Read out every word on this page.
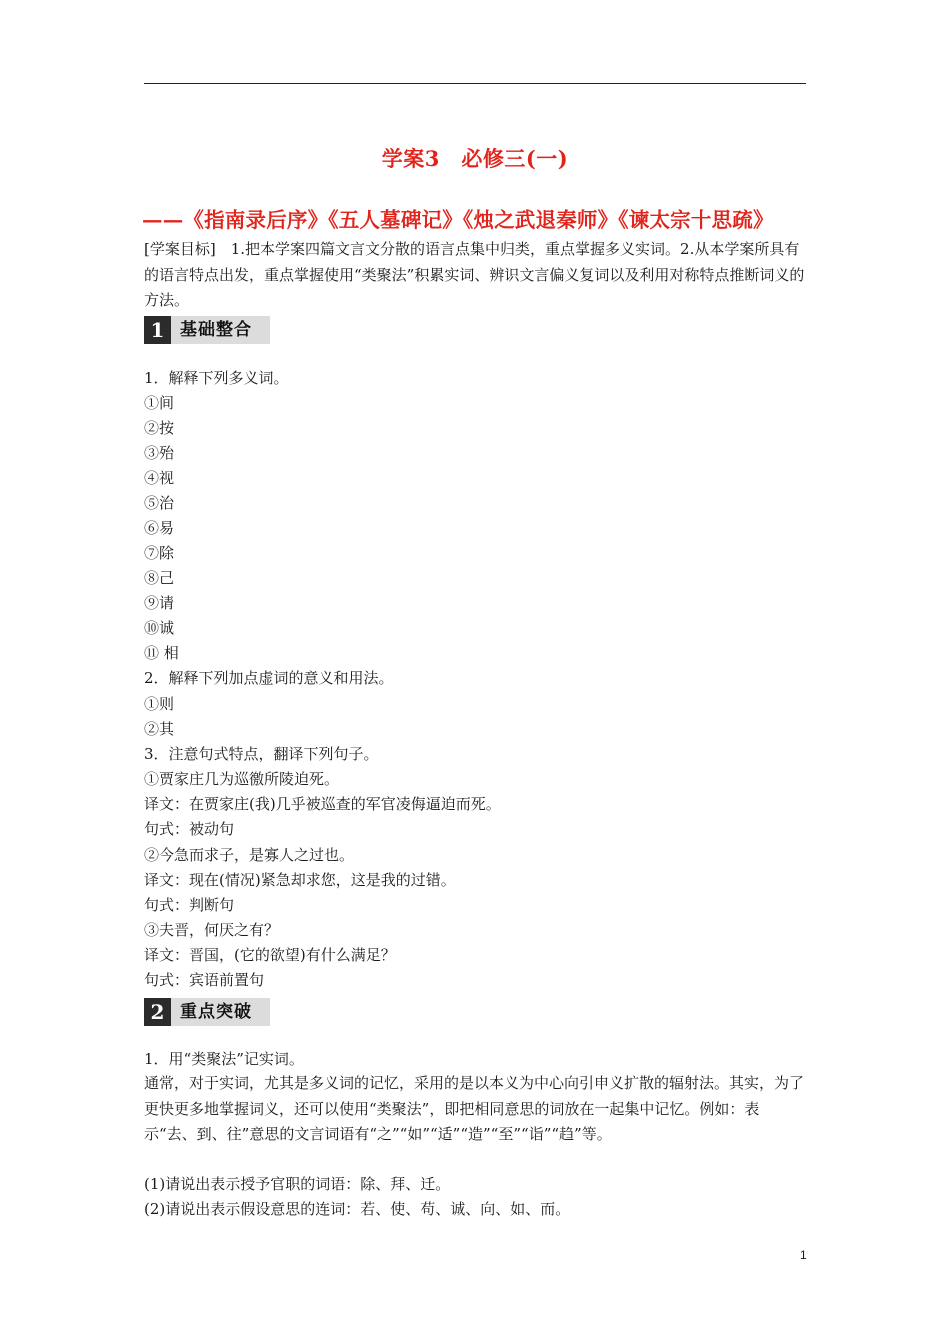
学案3　必修三(一)
——《指南录后序》《五人墓碑记》《烛之武退秦师》《谏太宗十思疏》
[学案目标]　1.把本学案四篇文言文分散的语言点集中归类，重点掌握多义实词。2.从本学案所具有的语言特点出发，重点掌握使用“类聚法”积累实词、辨识文言偏义复词以及利用对称特点推断词义的方法。
1 基础整合
1．解释下列多义词。
①间
②按
③殆
④视
⑤治
⑥易
⑦除
⑧己
⑨请
⑩诚
⑪ 相
2．解释下列加点虚词的意义和用法。
①则
②其
3．注意句式特点，翻译下列句子。
①贾家庄几为巡徼所陵迫死。
译文：在贾家庄(我)几乎被巡查的军官凌侮逼迫而死。
句式：被动句
②今急而求子，是寡人之过也。
译文：现在(情况)紧急却求您，这是我的过错。
句式：判断句
③夫晋，何厌之有？
译文：晋国，(它的欲望)有什么满足？
句式：宾语前置句
2 重点突破
1．用“类聚法”记实词。
通常，对于实词，尤其是多义词的记忆，采用的是以本义为中心向引申义扩散的辐射法。其实，为了更快更多地掌握词义，还可以使用“类聚法”，即把相同意思的词放在一起集中记忆。例如：表示“去、到、往”意思的文言词语有“之”“如”“适”“造”“至”“诣”“趋”等。
(1)请说出表示授予官职的词语：除、拜、迁。
(2)请说出表示假设意思的连词：若、使、苟、诚、向、如、而。
1
